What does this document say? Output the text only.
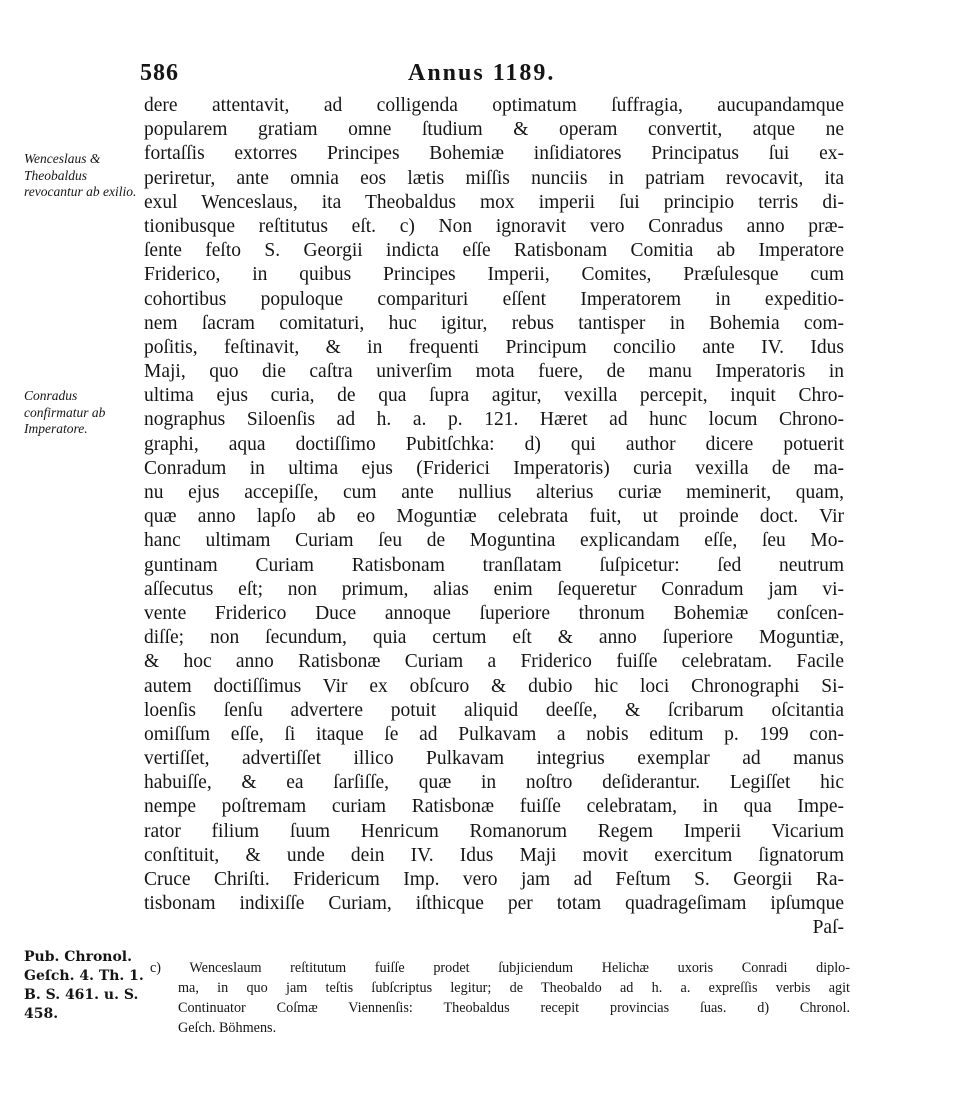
586	Annus 1189.
Wenceslaus & Theobaldus revocantur ab exilio.
Conradus confirmatur ab Imperatore.
dere attentavit, ad colligenda optimatum ſuffragia, aucupandamque
popularem gratiam omne ſtudium & operam convertit, atque ne
fortaſſis extorres Principes Bohemiæ inſidiatores Principatus ſui ex-
periretur, ante omnia eos lætis miſſis nunciis in patriam revocavit, ita
exul Wenceslaus, ita Theobaldus mox imperii ſui principio terris di-
tionibusque reſtitutus eſt. c) Non ignoravit vero Conradus anno præ-
ſente feſto S. Georgii indicta eſſe Ratisbonam Comitia ab Imperatore
Friderico, in quibus Principes Imperii, Comites, Præſulesque cum
cohortibus populoque compariturі eſſent Imperatorem in expeditio-
nem ſacram comitaturi, huc igitur, rebus tantisper in Bohemia com-
poſitis, feſtinavit, & in frequenti Principum concilio ante IV. Idus
Maji, quo die caſtra univerſim mota fuere, de manu Imperatoris in
ultima ejus curia, de qua ſupra agitur, vexilla percepit, inquit Chro-
nographus Siloenſis ad h. a. p. 121. Hæret ad hunc locum Chrono-
graphi, aqua doctiſſimo Pubitſchka: d) qui author dicere potuerit
Conradum in ultima ejus (Friderici Imperatoris) curia vexilla de ma-
nu ejus accepiſſe, cum ante nullius alterius curiæ meminerit, quam,
quæ anno lapſo ab eo Moguntiæ celebrata fuit, ut proinde doct. Vir
hanc ultimam Curiam ſeu de Moguntina explicandam eſſe, ſeu Mo-
guntinam Curiam Ratisbonam tranſlatam ſuſpicetur: ſed neutrum
aſſecutus eſt; non primum, alias enim ſequeretur Conradum jam vi-
vente Friderico Duce annoque ſuperiore thronum Bohemiæ conſcen-
diſſe; non ſecundum, quia certum eſt & anno ſuperiore Moguntiæ,
& hoc anno Ratisbonæ Curiam a Friderico fuiſſe celebratam. Facile
autem doctiſſimus Vir ex obſcuro & dubio hic loci Chronographi Si-
loenſis ſenſu advertere potuit aliquid deeſſe, & ſcribarum oſcitantia
omiſſum eſſe, ſi itaque ſe ad Pulkavam a nobis editum p. 199 con-
vertiſſet, advertiſſet illico Pulkavam integrius exemplar ad manus
habuiſſe, & ea ſarſiſſe, quæ in noſtro deſiderantur. Legiſſet hic
nempe poſtremam curiam Ratisbonæ fuiſſe celebratam, in qua Impe-
rator filium ſuum Henricum Romanorum Regem Imperii Vicarium
conſtituit, & unde dein IV. Idus Maji movit exercitum ſignatorum
Cruce Chriſti. Fridericum Imp. vero jam ad Feſtum S. Georgii Ra-
tisbonam indixiſſe Curiam, iſthicque per totam quadrageſimam ipſumque
Paſ-
Pub. Chronol. Geſch. 4. Th. 1. B. S. 461. u. S. 458.
c) Wenceslaum reſtitutum fuiſſe prodet ſubjiciendum Helichæ uxoris Conradi diplo-
ma, in quo jam teſtis ſubſcriptus legitur; de Theobaldo ad h. a. expreſſis verbis agit
Continuator Coſmæ Viennenſis: Theobaldus recepit provincias ſuas. d) Chronol.
Geſch. Böhmens.
